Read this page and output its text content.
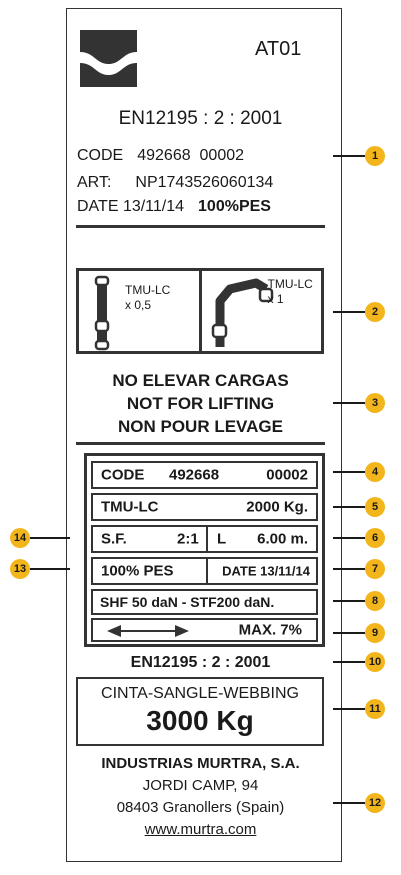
AT01
EN12195 : 2 : 2001
CODE 492668  00002
ART: NP1743526060134
DATE 13/11/14 100%PES
TMU-LC
x 0,5
TMU-LC
x 1
NO ELEVAR CARGAS
NOT FOR LIFTING
NON POUR LEVAGE
CODE 492668	00002
TMU-LC	2000 Kg.
S.F.	2:1 L 6.00 m.
100% PES	DATE 13/11/14
SHF 50 daN - STF200 daN.
MAX. 7%
EN12195 : 2 : 2001
CINTA-SANGLE-WEBBING
3000 Kg
INDUSTRIAS MURTRA, S.A.
JORDI CAMP, 94
08403 Granollers (Spain)
www.murtra.com
1
2
3
4
5
6
7
8
9
10
11
12
13
14
